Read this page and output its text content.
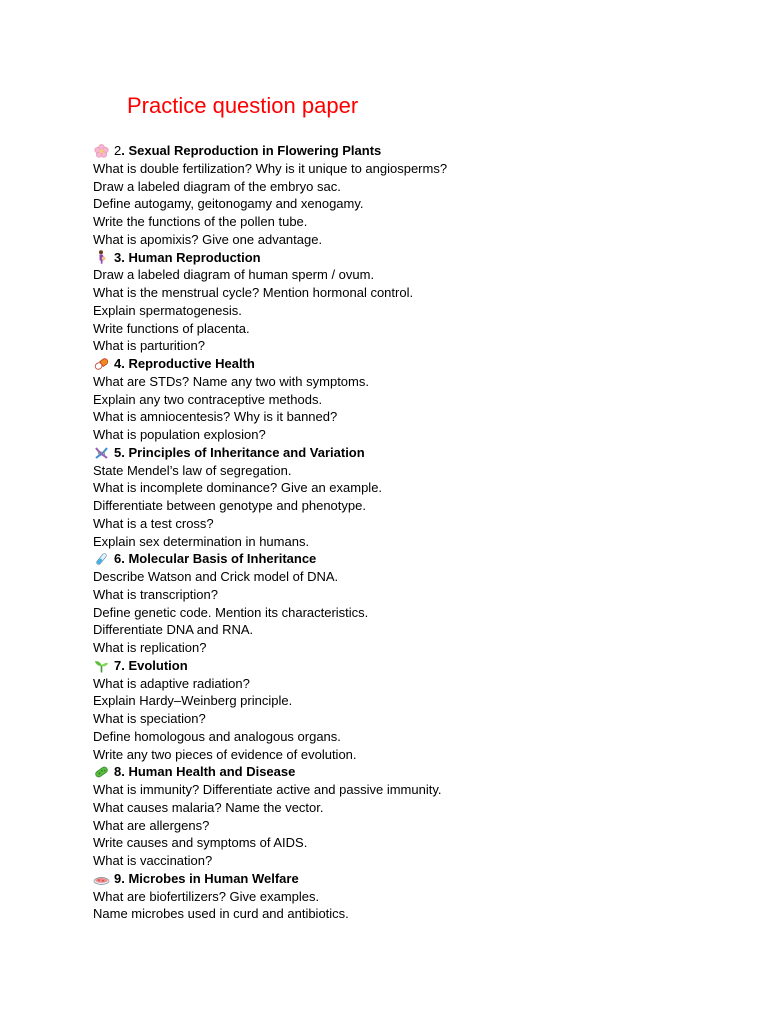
Practice question paper
2 . Sexual Reproduction in Flowering Plants
What is double fertilization? Why is it unique to angiosperms?
Draw a labeled diagram of the embryo sac.
Define autogamy, geitonogamy and xenogamy.
Write the functions of the pollen tube.
What is apomixis? Give one advantage.
3 . Human Reproduction
Draw a labeled diagram of human sperm / ovum.
What is the menstrual cycle? Mention hormonal control.
Explain spermatogenesis.
Write functions of placenta.
What is parturition?
4 . Reproductive Health
What are STDs? Name any two with symptoms.
Explain any two contraceptive methods.
What is amniocentesis? Why is it banned?
What is population explosion?
5 . Principles of Inheritance and Variation
State Mendel’s law of segregation.
What is incomplete dominance? Give an example.
Differentiate between genotype and phenotype.
What is a test cross?
Explain sex determination in humans.
6 . Molecular Basis of Inheritance
Describe Watson and Crick model of DNA.
What is transcription?
Define genetic code. Mention its characteristics.
Differentiate DNA and RNA.
What is replication?
7 . Evolution
What is adaptive radiation?
Explain Hardy–Weinberg principle.
What is speciation?
Define homologous and analogous organs.
Write any two pieces of evidence of evolution.
8 . Human Health and Disease
What is immunity? Differentiate active and passive immunity.
What causes malaria? Name the vector.
What are allergens?
Write causes and symptoms of AIDS.
What is vaccination?
9 . Microbes in Human Welfare
What are biofertilizers? Give examples.
Name microbes used in curd and antibiotics.
